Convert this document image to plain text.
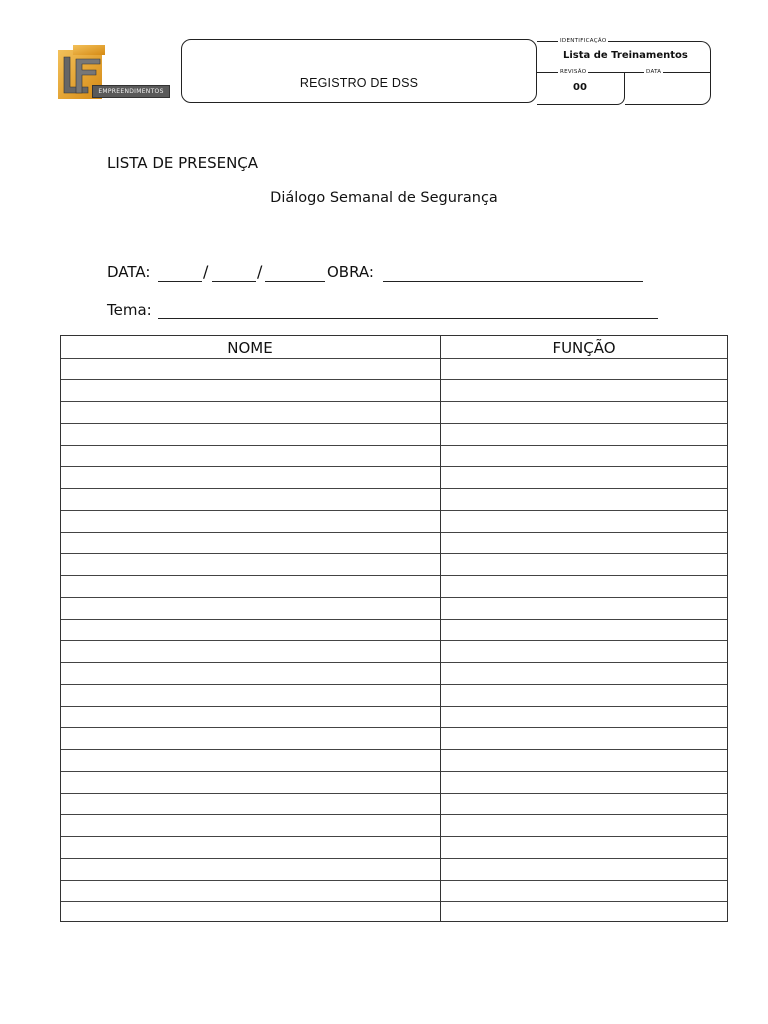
EMPREENDIMENTOS
REGISTRO DE DSS
IDENTIFICAÇÃO
Lista de Treinamentos
REVISÃO	DATA
00
LISTA DE PRESENÇA
Diálogo Semanal de Segurança
DATA:	/	/	OBRA:
Tema:
NOME	FUNÇÃO
